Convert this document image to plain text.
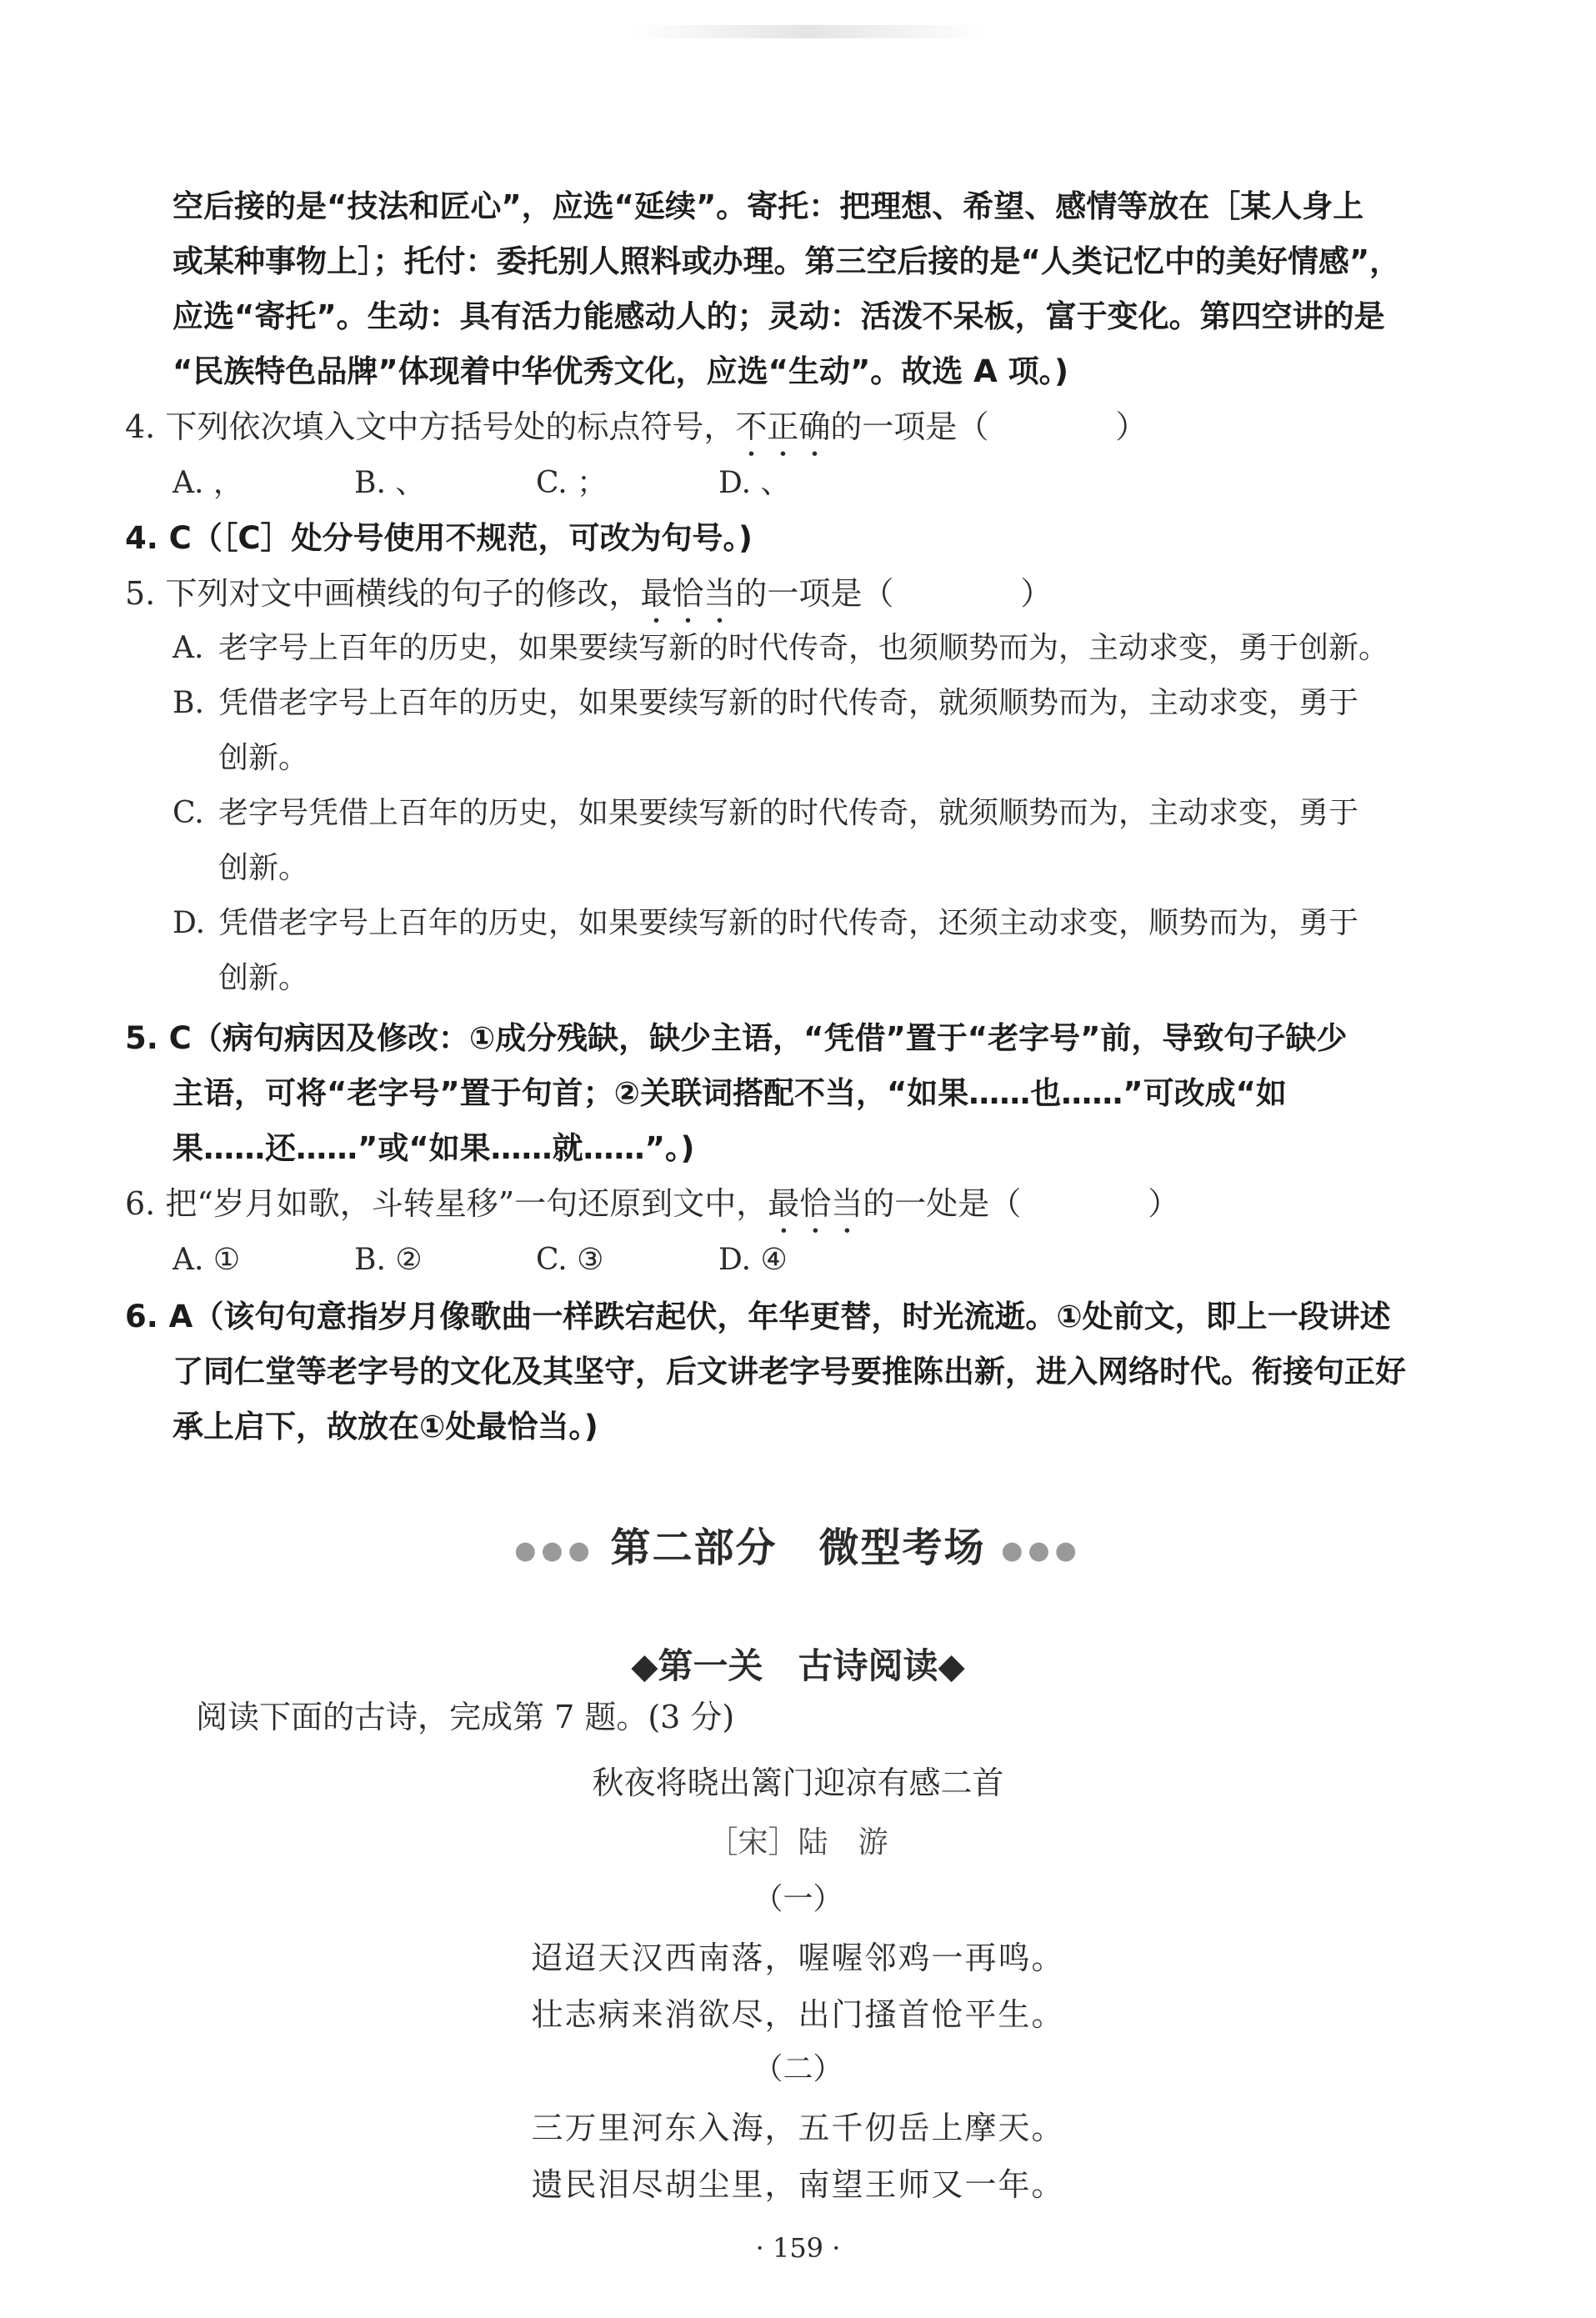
空后接的是“技法和匠心”，应选“延续”。寄托：把理想、希望、感情等放在［某人身上
或某种事物上］；托付：委托别人照料或办理。第三空后接的是“人类记忆中的美好情感”，
应选“寄托”。生动：具有活力能感动人的；灵动：活泼不呆板，富于变化。第四空讲的是
“民族特色品牌”体现着中华优秀文化，应选“生动”。故选 A 项。)
4. 下列依次填入文中方括号处的标点符号，不正确的一项是（　　　　）
A. ，	B. 、	C. ；	D. 、
4. C（［C］处分号使用不规范，可改为句号。)
5. 下列对文中画横线的句子的修改，最恰当的一项是（　　　　）
A. 老字号上百年的历史，如果要续写新的时代传奇，也须顺势而为，主动求变，勇于创新。
B. 凭借老字号上百年的历史，如果要续写新的时代传奇，就须顺势而为，主动求变，勇于
创新。
C. 老字号凭借上百年的历史，如果要续写新的时代传奇，就须顺势而为，主动求变，勇于
创新。
D. 凭借老字号上百年的历史，如果要续写新的时代传奇，还须主动求变，顺势而为，勇于
创新。
5. C（病句病因及修改：①成分残缺，缺少主语，“凭借”置于“老字号”前，导致句子缺少
主语，可将“老字号”置于句首；②关联词搭配不当，“如果……也……”可改成“如
果……还……”或“如果……就……”。)
6. 把“岁月如歌，斗转星移”一句还原到文中，最恰当的一处是（　　　　）
A. ①	B. ②	C. ③	D. ④
6. A（该句句意指岁月像歌曲一样跌宕起伏，年华更替，时光流逝。①处前文，即上一段讲述
了同仁堂等老字号的文化及其坚守，后文讲老字号要推陈出新，进入网络时代。衔接句正好
承上启下，故放在①处最恰当。)
●●● 第二部分　微型考场 ●●●
◆第一关　古诗阅读◆
阅读下面的古诗，完成第 7 题。(3 分)
秋夜将晓出篱门迎凉有感二首
［宋］陆　游
（一）
迢迢天汉西南落，喔喔邻鸡一再鸣。
壮志病来消欲尽，出门搔首怆平生。
（二）
三万里河东入海，五千仞岳上摩天。
遗民泪尽胡尘里，南望王师又一年。
· 159 ·
